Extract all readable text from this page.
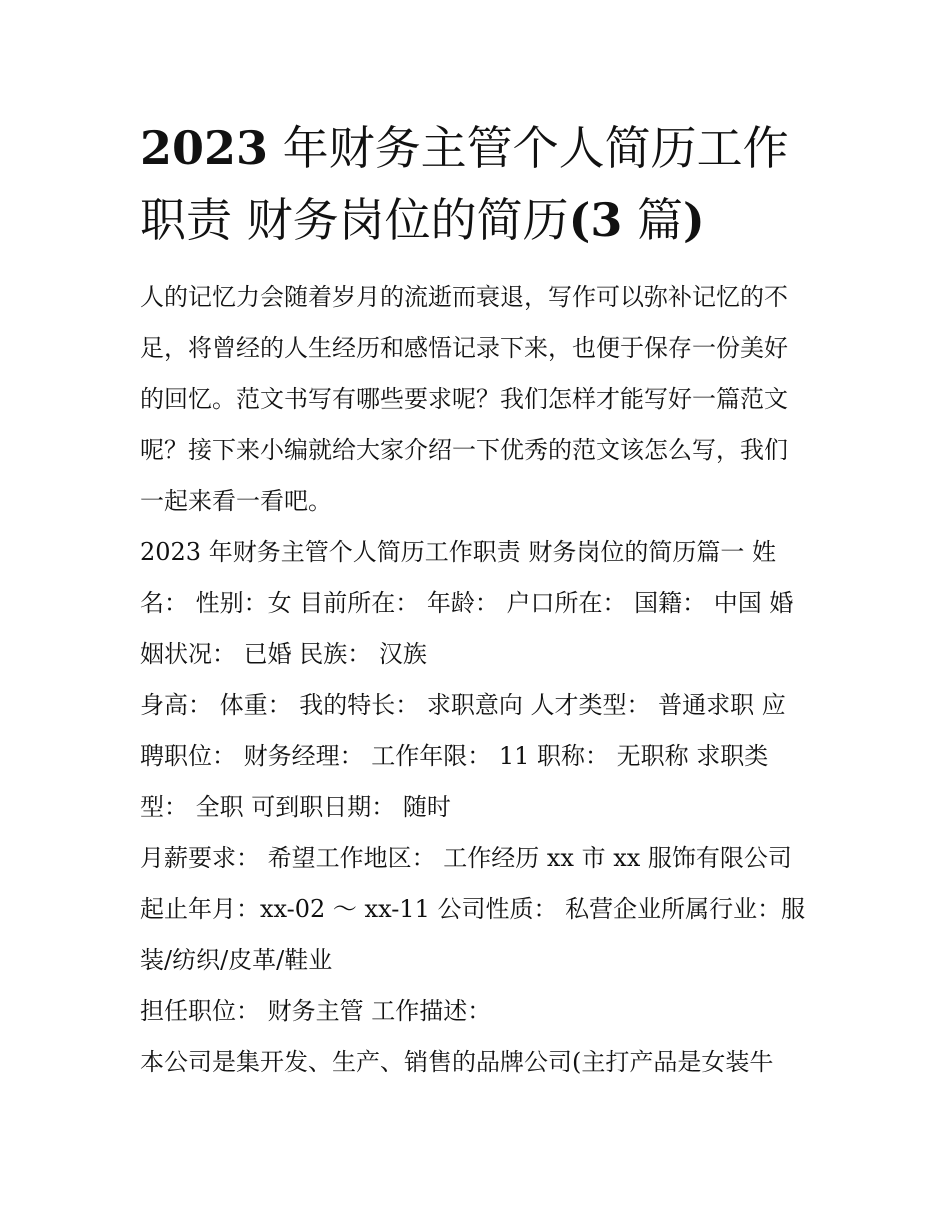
2023 年财务主管个人简历工作

职责 财务岗位的简历(3 篇)

人的记忆力会随着岁月的流逝而衰退，写作可以弥补记忆的不

足，将曾经的人生经历和感悟记录下来，也便于保存一份美好

的回忆。范文书写有哪些要求呢？我们怎样才能写好一篇范文

呢？接下来小编就给大家介绍一下优秀的范文该怎么写，我们

一起来看一看吧。

2023 年财务主管个人简历工作职责 财务岗位的简历篇一 姓

名： 性别：女 目前所在： 年龄： 户口所在： 国籍： 中国 婚

姻状况： 已婚 民族： 汉族

身高： 体重： 我的特长： 求职意向 人才类型： 普通求职 应

聘职位： 财务经理： 工作年限： 11 职称： 无职称 求职类

型： 全职 可到职日期： 随时

月薪要求： 希望工作地区： 工作经历 xx 市 xx 服饰有限公司

起止年月：xx-02 ～ xx-11 公司性质： 私营企业所属行业：服

装/纺织/皮革/鞋业

担任职位： 财务主管 工作描述：

本公司是集开发、生产、销售的品牌公司(主打产品是女装牛
